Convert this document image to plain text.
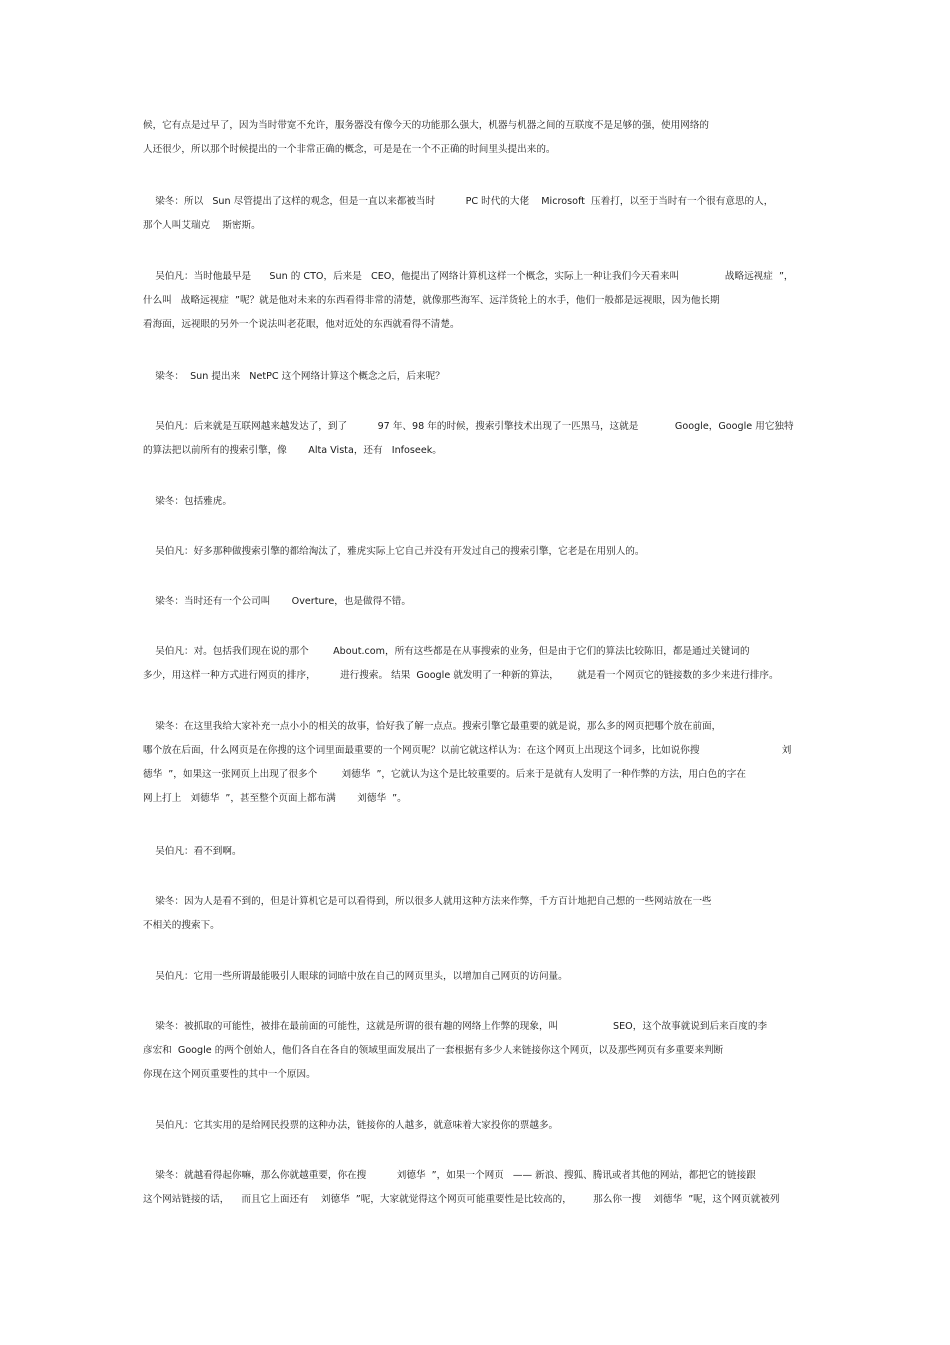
候，它有点是过早了，因为当时带宽不允许，服务器没有像今天的功能那么强大，机器与机器之间的互联度不是足够的强，使用网络的
人还很少，所以那个时候提出的一个非常正确的概念，可是是在一个不正确的时间里头提出来的。
梁冬：所以   Sun 尽管提出了这样的观念，但是一直以来都被当时          PC 时代的大佬    Microsoft  压着打，以至于当时有一个很有意思的人，
那个人叫艾瑞克    斯密斯。
吴伯凡：当时他最早是      Sun 的 CTO，后来是   CEO，他提出了网络计算机这样一个概念，实际上一种让我们今天看来叫               战略远视症  ”，
什么叫   战略远视症  ”呢？就是他对未来的东西看得非常的清楚，就像那些海军、远洋货轮上的水手，他们一般都是远视眼，因为他长期
看海面，远视眼的另外一个说法叫老花眼，他对近处的东西就看得不清楚。
梁冬：  Sun 提出来   NetPC 这个网络计算这个概念之后，后来呢？
吴伯凡：后来就是互联网越来越发达了，到了          97 年、98 年的时候，搜索引擎技术出现了一匹黑马，这就是            Google，Google 用它独特
的算法把以前所有的搜索引擎，像       Alta Vista，还有   Infoseek。
梁冬：包括雅虎。
吴伯凡：好多那种做搜索引擎的都给淘汰了，雅虎实际上它自己并没有开发过自己的搜索引擎，它老是在用别人的。
梁冬：当时还有一个公司叫       Overture，也是做得不错。
吴伯凡：对。包括我们现在说的那个        About.com，所有这些都是在从事搜索的业务，但是由于它们的算法比较陈旧，都是通过关键词的
多少，用这样一种方式进行网页的排序，        进行搜索。 结果  Google 就发明了一种新的算法，      就是看一个网页它的链接数的多少来进行排序。
梁冬：在这里我给大家补充一点小小的相关的故事，恰好我了解一点点。搜索引擎它最重要的就是说，那么多的网页把哪个放在前面，
哪个放在后面，什么网页是在你搜的这个词里面最重要的一个网页呢？以前它就这样认为：在这个网页上出现这个词多，比如说你搜                           刘
德华  ”，如果这一张网页上出现了很多个        刘德华  ”，它就认为这个是比较重要的。后来于是就有人发明了一种作弊的方法，用白色的字在
网上打上   刘德华  ”，甚至整个页面上都布满       刘德华  ”。
吴伯凡：看不到啊。
梁冬：因为人是看不到的，但是计算机它是可以看得到，所以很多人就用这种方法来作弊，千方百计地把自己想的一些网站放在一些
不相关的搜索下。
吴伯凡：它用一些所谓最能吸引人眼球的词暗中放在自己的网页里头，以增加自己网页的访问量。
梁冬：被抓取的可能性，被排在最前面的可能性，这就是所谓的很有趣的网络上作弊的现象，叫                  SEO，这个故事就说到后来百度的李
彦宏和  Google 的两个创始人，他们各自在各自的领域里面发展出了一套根据有多少人来链接你这个网页，以及那些网页有多重要来判断
你现在这个网页重要性的其中一个原因。
吴伯凡：它其实用的是给网民投票的这种办法，链接你的人越多，就意味着大家投你的票越多。
梁冬：就越看得起你嘛，那么你就越重要，你在搜          刘德华  ”，如果一个网页   —— 新浪、搜狐、腾讯或者其他的网站，都把它的链接跟
这个网站链接的话，    而且它上面还有    刘德华  ”呢，大家就觉得这个网页可能重要性是比较高的，       那么你一搜    刘德华  ”呢，这个网页就被列
